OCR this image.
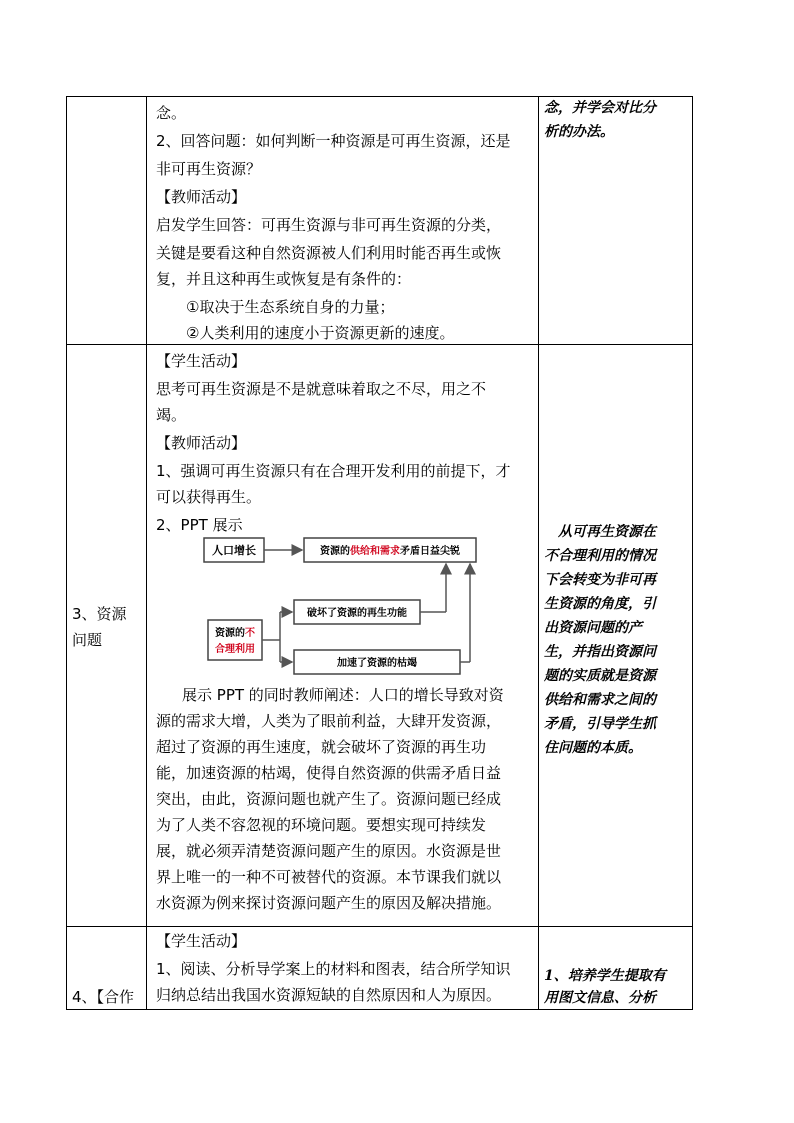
念。
2、回答问题：如何判断一种资源是可再生资源，还是
非可再生资源？
【教师活动】
启发学生回答：可再生资源与非可再生资源的分类，
关键是要看这种自然资源被人们利用时能否再生或恢
复，并且这种再生或恢复是有条件的：
①取决于生态系统自身的力量；
②人类利用的速度小于资源更新的速度。
念，并学会对比分
析的办法。
3、资源
问题
【学生活动】
思考可再生资源是不是就意味着取之不尽，用之不
竭。
【教师活动】
1、强调可再生资源只有在合理开发利用的前提下，才
可以获得再生。
2、PPT 展示
展示 PPT 的同时教师阐述：人口的增长导致对资
源的需求大增，人类为了眼前利益，大肆开发资源，
超过了资源的再生速度，就会破坏了资源的再生功
能，加速资源的枯竭，使得自然资源的供需矛盾日益
突出，由此，资源问题也就产生了。资源问题已经成
为了人类不容忽视的环境问题。要想实现可持续发
展，就必须弄清楚资源问题产生的原因。水资源是世
界上唯一的一种不可被替代的资源。本节课我们就以
水资源为例来探讨资源问题产生的原因及解决措施。
人口增长	资源的供给和需求矛盾日益尖锐
资源的不
合理利用
破坏了资源的再生功能
加速了资源的枯竭
从可再生资源在
不合理利用的情况
下会转变为非可再
生资源的角度，引
出资源问题的产
生，并指出资源问
题的实质就是资源
供给和需求之间的
矛盾，引导学生抓
住问题的本质。
4、【合作
【学生活动】
1、阅读、分析导学案上的材料和图表，结合所学知识
归纳总结出我国水资源短缺的自然原因和人为原因。
1、培养学生提取有
用图文信息、分析
